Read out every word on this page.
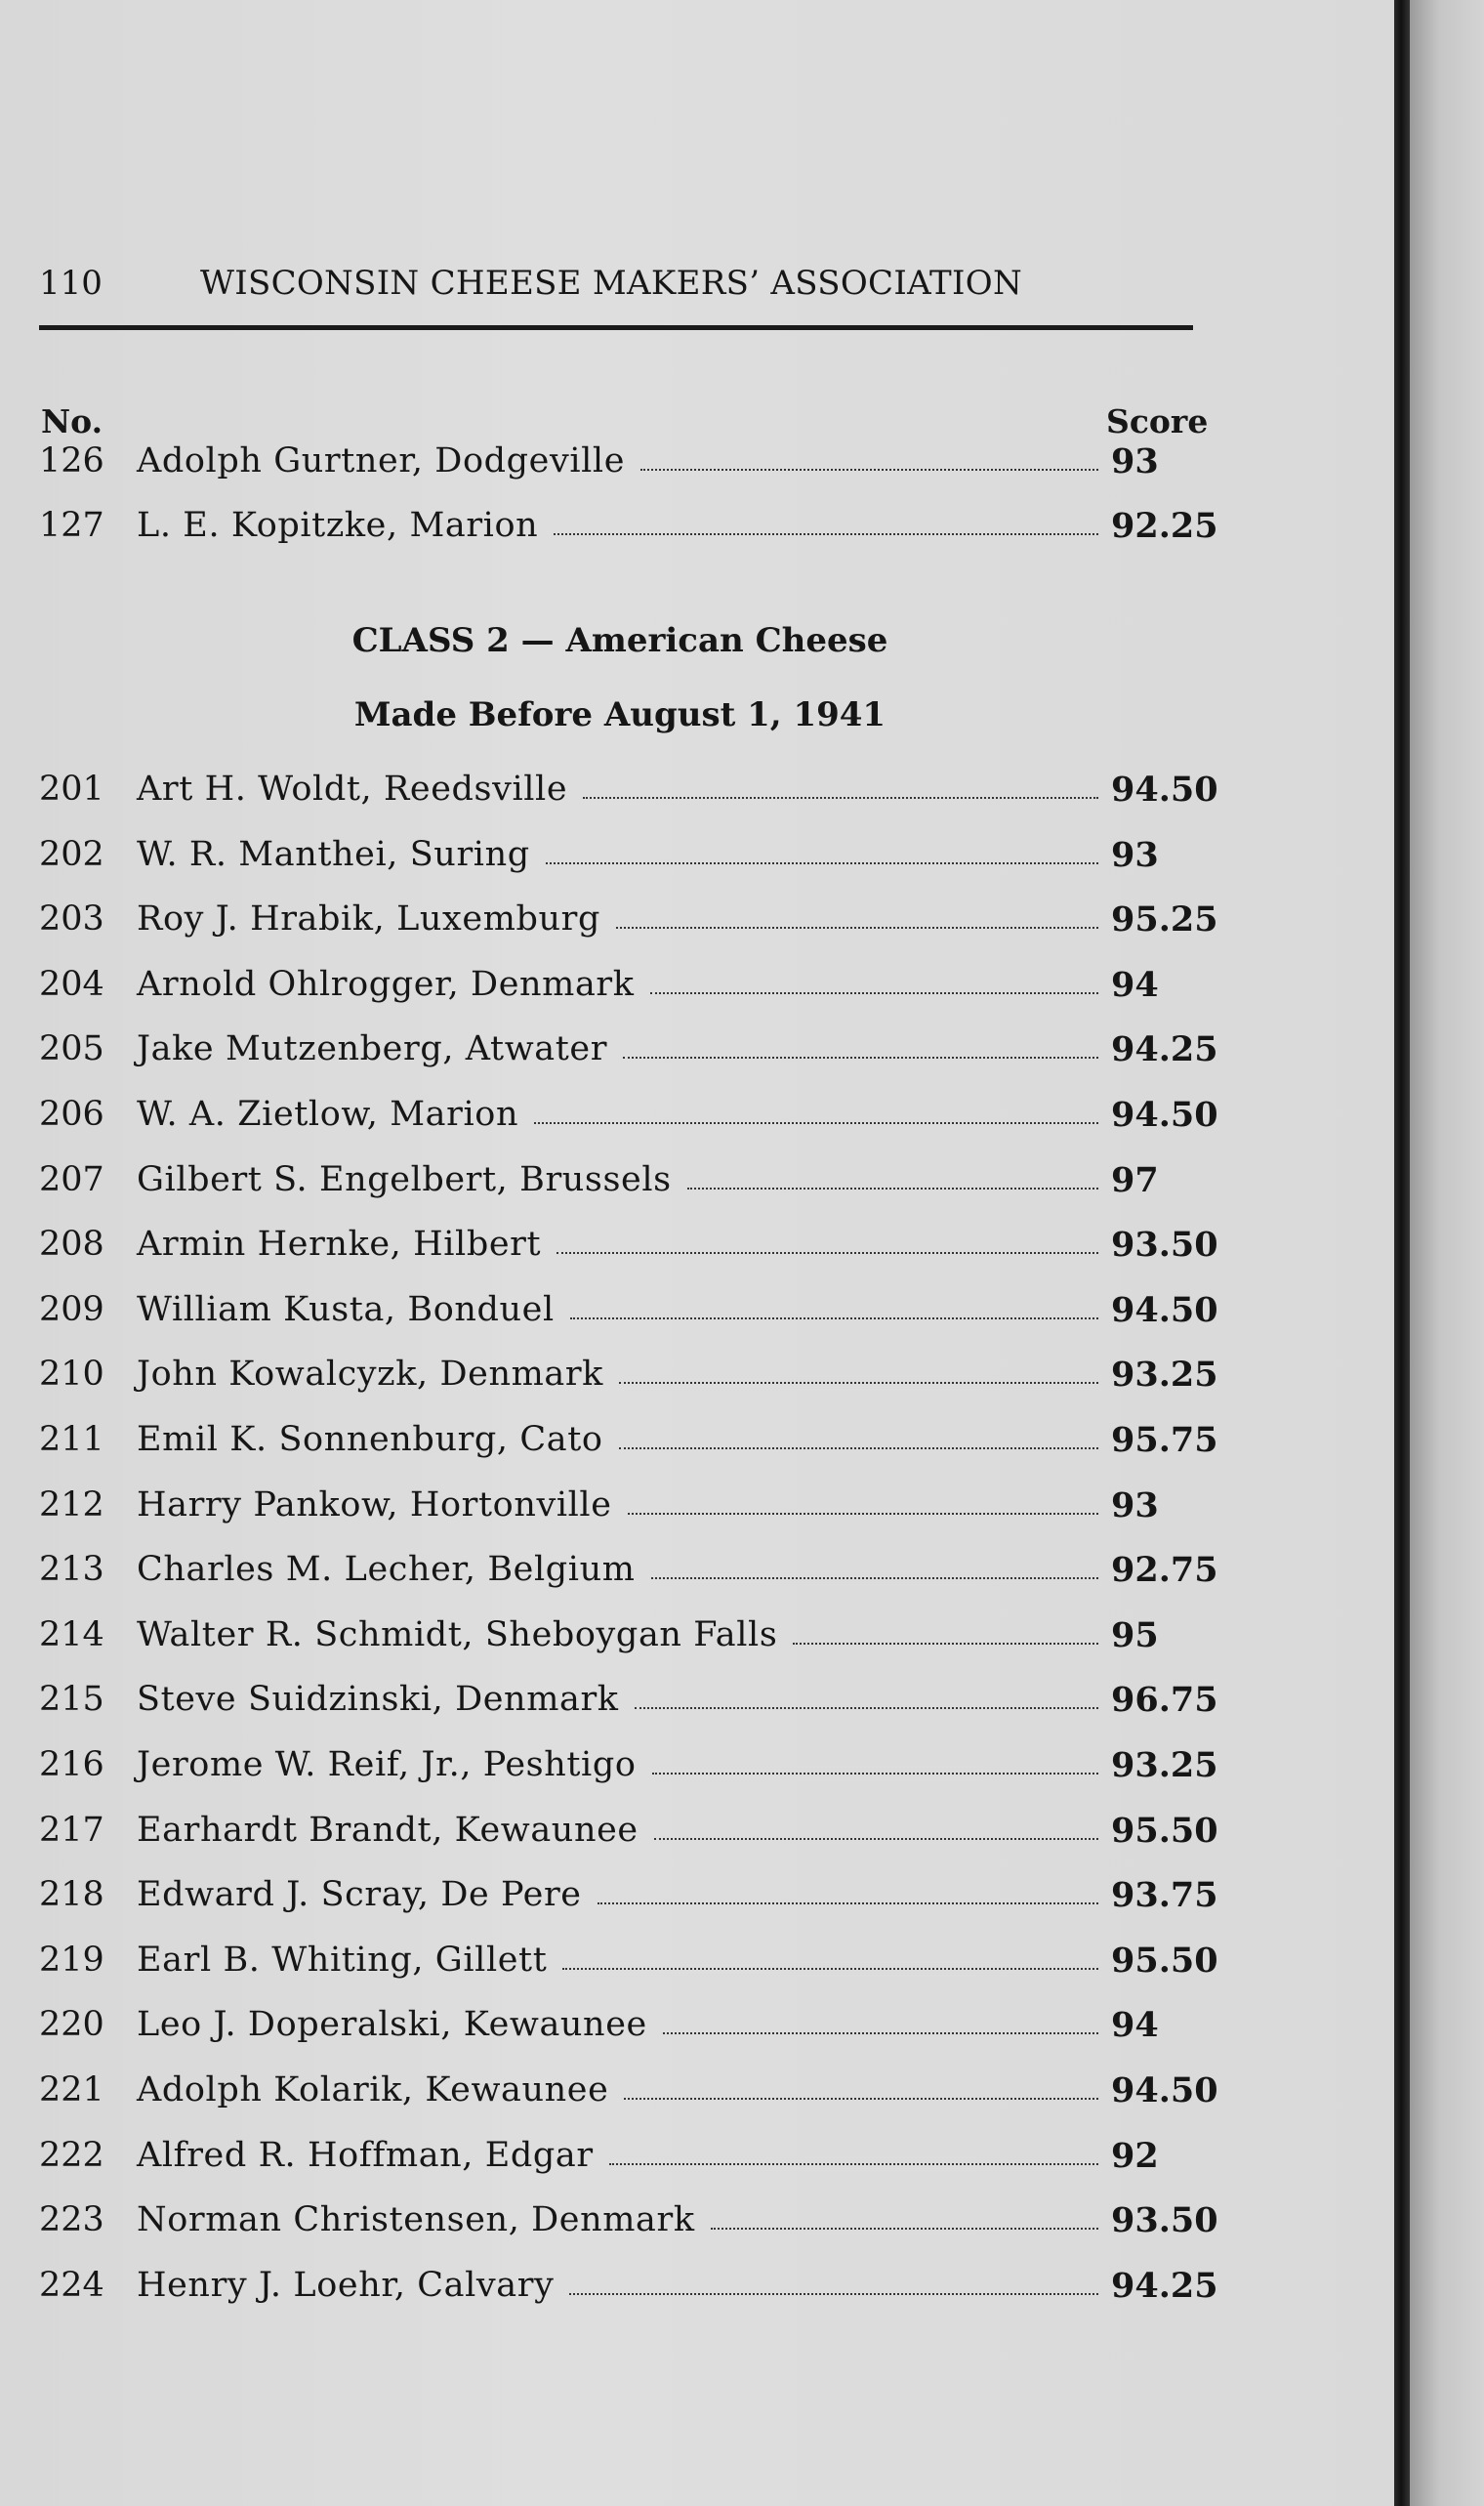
110	WISCONSIN CHEESE MAKERS’ ASSOCIATION
No.	Score
126 Adolph Gurtner, Dodgeville	93
127 L. E. Kopitzke, Marion	92.25
CLASS 2 — American Cheese
Made Before August 1, 1941
201 Art H. Woldt, Reedsville	94.50
202 W. R. Manthei, Suring	93
203 Roy J. Hrabik, Luxemburg	95.25
204 Arnold Ohlrogger, Denmark	94
205 Jake Mutzenberg, Atwater	94.25
206 W. A. Zietlow, Marion	94.50
207 Gilbert S. Engelbert, Brussels	97
208 Armin Hernke, Hilbert	93.50
209 William Kusta, Bonduel	94.50
210 John Kowalcyzk, Denmark	93.25
211 Emil K. Sonnenburg, Cato	95.75
212 Harry Pankow, Hortonville	93
213 Charles M. Lecher, Belgium	92.75
214 Walter R. Schmidt, Sheboygan Falls	95
215 Steve Suidzinski, Denmark	96.75
216 Jerome W. Reif, Jr., Peshtigo	93.25
217 Earhardt Brandt, Kewaunee	95.50
218 Edward J. Scray, De Pere	93.75
219 Earl B. Whiting, Gillett	95.50
220 Leo J. Doperalski, Kewaunee	94
221 Adolph Kolarik, Kewaunee	94.50
222 Alfred R. Hoffman, Edgar	92
223 Norman Christensen, Denmark	93.50
224 Henry J. Loehr, Calvary	94.25
